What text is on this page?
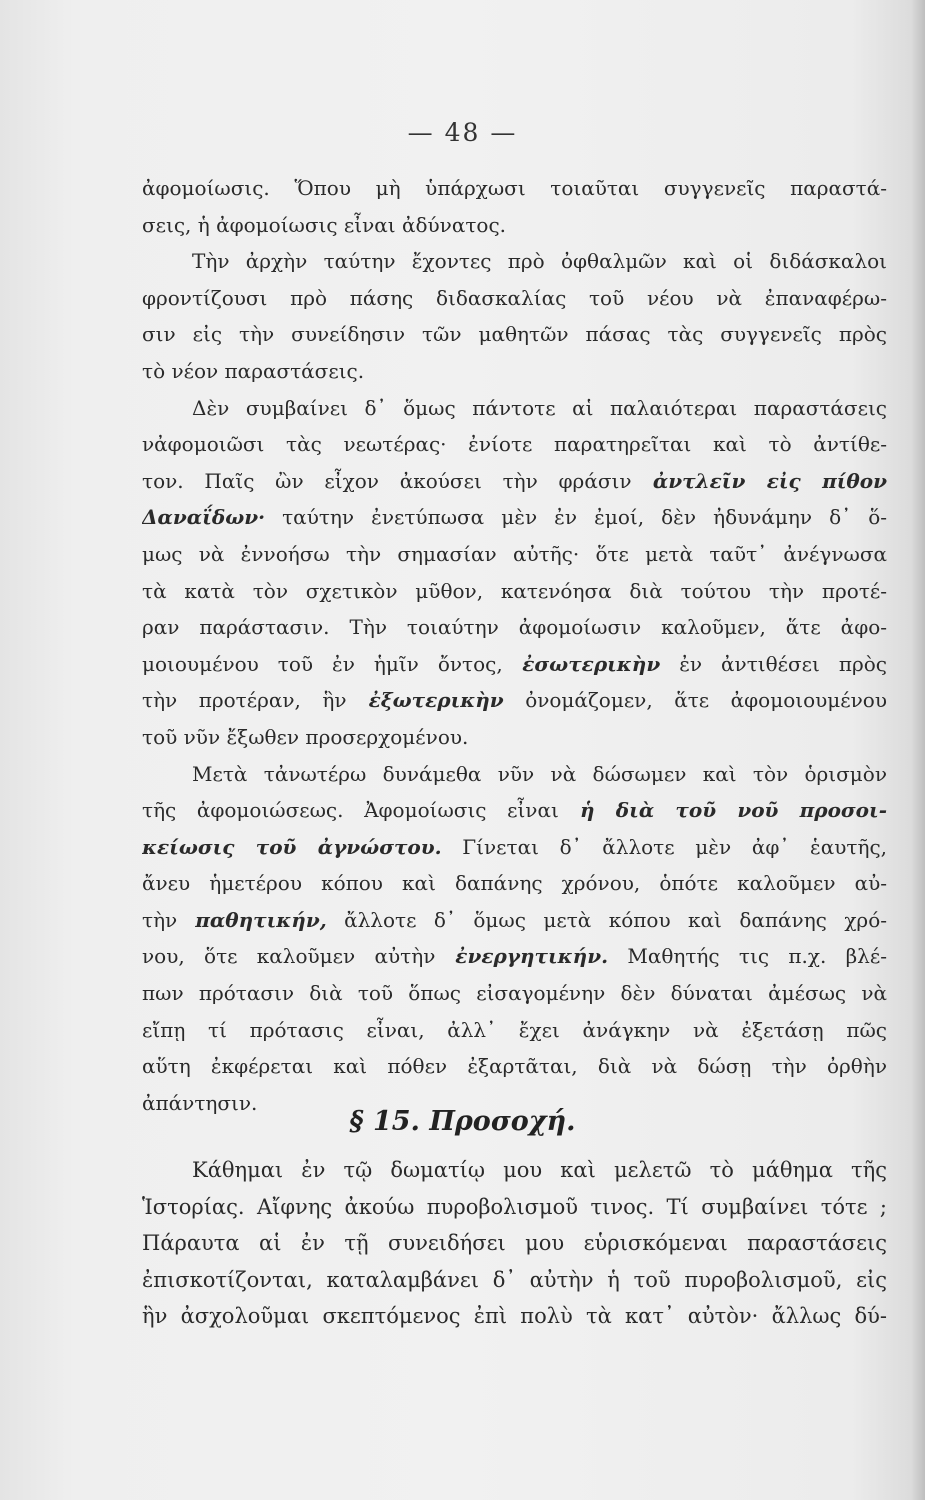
— 48 —
ἀφομοίωσις. Ὅπου μὴ ὑπάρχωσι τοιαῦται συγγενεῖς παραστά-
σεις, ἡ ἀφομοίωσις εἶναι ἀδύνατος.
Τὴν ἀρχὴν ταύτην ἔχοντες πρὸ ὀφθαλμῶν καὶ οἱ διδάσκαλοι
φροντίζουσι πρὸ πάσης διδασκαλίας τοῦ νέου νὰ ἐπαναφέρω-
σιν εἰς τὴν συνείδησιν τῶν μαθητῶν πάσας τὰς συγγενεῖς πρὸς
τὸ νέον παραστάσεις.
Δὲν συμβαίνει δ᾽ ὅμως πάντοτε αἱ παλαιότεραι παραστάσεις
νἀφομοιῶσι τὰς νεωτέρας· ἐνίοτε παρατηρεῖται καὶ τὸ ἀντίθε-
τον. Παῖς ὢν εἶχον ἀκούσει τὴν φράσιν ἀντλεῖν εἰς πίθον
Δαναΐδων· ταύτην ἐνετύπωσα μὲν ἐν ἐμοί, δὲν ἠδυνάμην δ᾽ ὅ-
μως νὰ ἐννοήσω τὴν σημασίαν αὐτῆς· ὅτε μετὰ ταῦτ᾽ ἀνέγνωσα
τὰ κατὰ τὸν σχετικὸν μῦθον, κατενόησα διὰ τούτου τὴν προτέ-
ραν παράστασιν. Τὴν τοιαύτην ἀφομοίωσιν καλοῦμεν, ἅτε ἀφο-
μοιουμένου τοῦ ἐν ἡμῖν ὄντος, ἐσωτερικὴν ἐν ἀντιθέσει πρὸς
τὴν προτέραν, ἣν ἐξωτερικὴν ὀνομάζομεν, ἅτε ἀφομοιουμένου
τοῦ νῦν ἔξωθεν προσερχομένου.
Μετὰ τἀνωτέρω δυνάμεθα νῦν νὰ δώσωμεν καὶ τὸν ὁρισμὸν
τῆς ἀφομοιώσεως. Ἀφομοίωσις εἶναι ἡ διὰ τοῦ νοῦ προσοι-
κείωσις τοῦ ἀγνώστου. Γίνεται δ᾽ ἄλλοτε μὲν ἀφ᾽ ἑαυτῆς,
ἄνευ ἡμετέρου κόπου καὶ δαπάνης χρόνου, ὁπότε καλοῦμεν αὐ-
τὴν παθητικήν, ἄλλοτε δ᾽ ὅμως μετὰ κόπου καὶ δαπάνης χρό-
νου, ὅτε καλοῦμεν αὐτὴν ἐνεργητικήν. Μαθητής τις π.χ. βλέ-
πων πρότασιν διὰ τοῦ ὅπως εἰσαγομένην δὲν δύναται ἀμέσως νὰ
εἴπῃ τί πρότασις εἶναι, ἀλλ᾽ ἔχει ἀνάγκην νὰ ἐξετάσῃ πῶς
αὕτη ἐκφέρεται καὶ πόθεν ἐξαρτᾶται, διὰ νὰ δώσῃ τὴν ὀρθὴν
ἀπάντησιν.
§ 15. Προσοχή.
Κάθημαι ἐν τῷ δωματίῳ μου καὶ μελετῶ τὸ μάθημα τῆς
Ἱστορίας. Αἴφνης ἀκούω πυροβολισμοῦ τινος. Τί συμβαίνει τότε ;
Πάραυτα αἱ ἐν τῇ συνειδήσει μου εὑρισκόμεναι παραστάσεις
ἐπισκοτίζονται, καταλαμβάνει δ᾽ αὐτὴν ἡ τοῦ πυροβολισμοῦ, εἰς
ἣν ἀσχολοῦμαι σκεπτόμενος ἐπὶ πολὺ τὰ κατ᾽ αὐτὸν· ἄλλως δύ-
